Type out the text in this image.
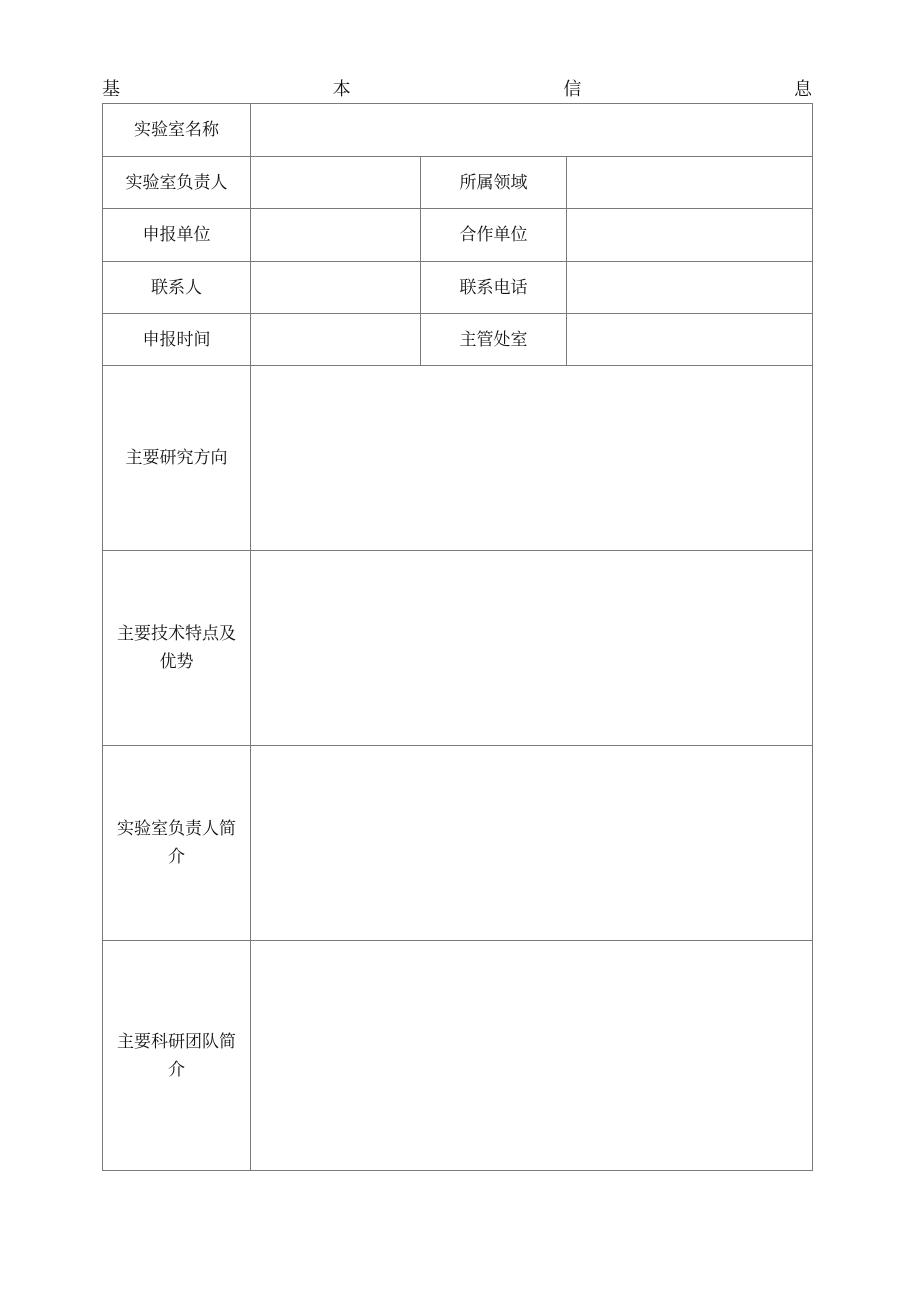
基	本	信	息
实验室名称			
实验室负责人		所属领域	
申报单位		合作单位	
联系人		联系电话	
申报时间		主管处室	
主要研究方向			
主要技术特点及优势			
实验室负责人简介			
主要科研团队简介			
